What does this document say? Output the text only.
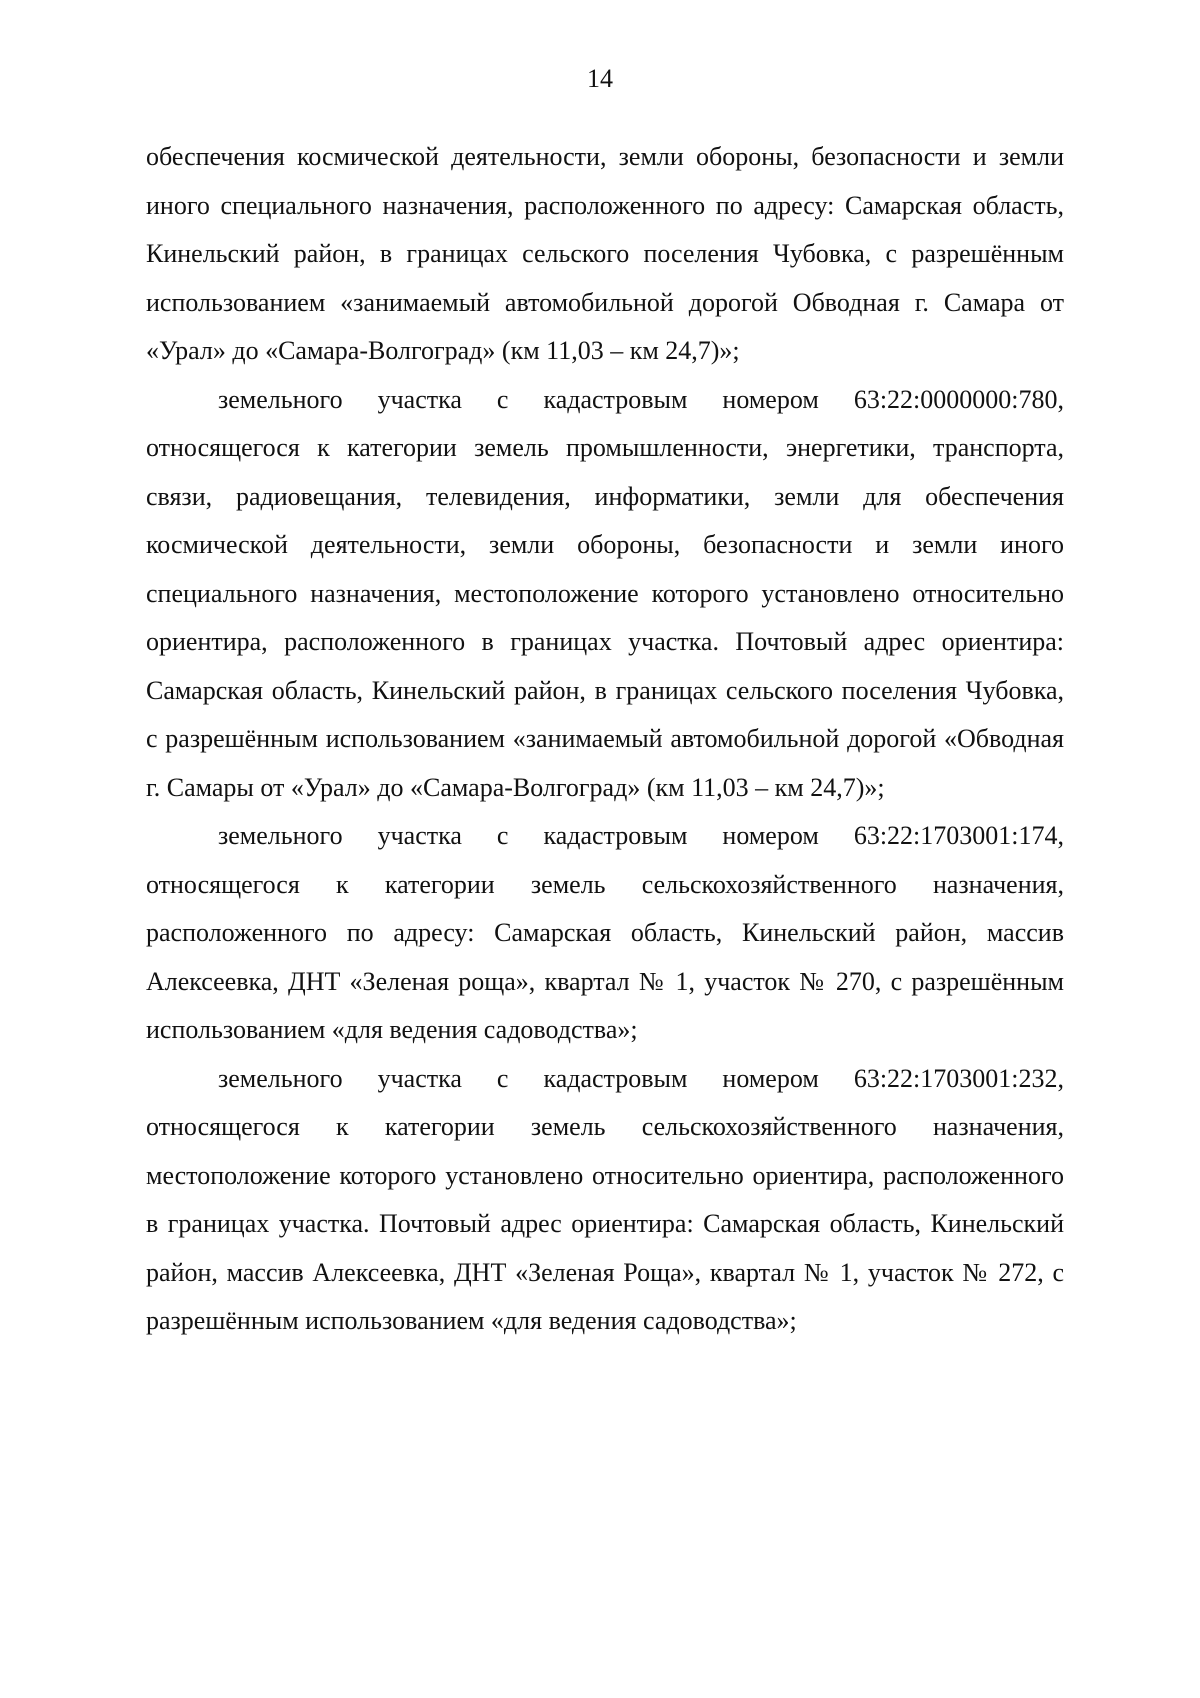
14

обеспечения космической деятельности, земли обороны, безопасности и земли иного специального назначения, расположенного по адресу: Самарская область, Кинельский район, в границах сельского поселения Чубовка, с разрешённым использованием «занимаемый автомобильной дорогой Обводная г. Самара от «Урал» до «Самара-Волгоград» (км 11,03 – км 24,7)»;

земельного участка с кадастровым номером 63:22:0000000:780, относящегося к категории земель промышленности, энергетики, транспорта, связи, радиовещания, телевидения, информатики, земли для обеспечения космической деятельности, земли обороны, безопасности и земли иного специального назначения, местоположение которого установлено относительно ориентира, расположенного в границах участка. Почтовый адрес ориентира: Самарская область, Кинельский район, в границах сельского поселения Чубовка, с разрешённым использованием «занимаемый автомобильной дорогой «Обводная г. Самары от «Урал» до «Самара-Волгоград» (км 11,03 – км 24,7)»;

земельного участка с кадастровым номером 63:22:1703001:174, относящегося к категории земель сельскохозяйственного назначения, расположенного по адресу: Самарская область, Кинельский район, массив Алексеевка, ДНТ «Зеленая роща», квартал № 1, участок № 270, с разрешённым использованием «для ведения садоводства»;

земельного участка с кадастровым номером 63:22:1703001:232, относящегося к категории земель сельскохозяйственного назначения, местоположение которого установлено относительно ориентира, расположенного в границах участка. Почтовый адрес ориентира: Самарская область, Кинельский район, массив Алексеевка, ДНТ «Зеленая Роща», квартал № 1, участок № 272, с разрешённым использованием «для ведения садоводства»;
